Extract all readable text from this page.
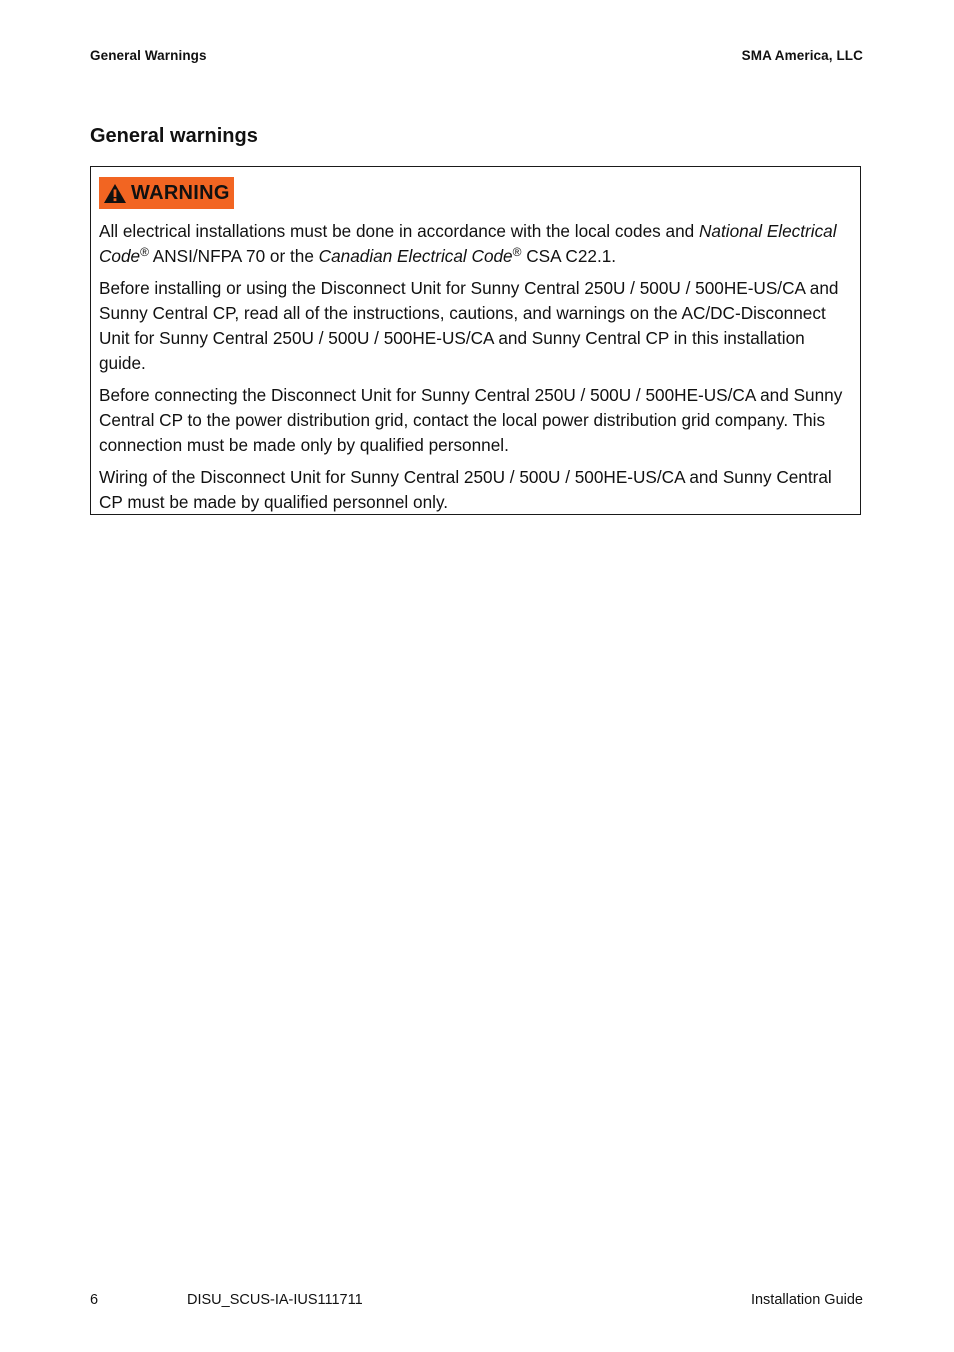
General Warnings	SMA America, LLC
General warnings
WARNING

All electrical installations must be done in accordance with the local codes and National Electrical Code® ANSI/NFPA 70 or the Canadian Electrical Code® CSA C22.1.

Before installing or using the Disconnect Unit for Sunny Central 250U / 500U / 500HE-US/CA and Sunny Central CP, read all of the instructions, cautions, and warnings on the AC/DC-Disconnect Unit for Sunny Central 250U / 500U / 500HE-US/CA and Sunny Central CP in this installation guide.

Before connecting the Disconnect Unit for Sunny Central 250U / 500U / 500HE-US/CA and Sunny Central CP to the power distribution grid, contact the local power distribution grid company. This connection must be made only by qualified personnel.

Wiring of the Disconnect Unit for Sunny Central 250U / 500U / 500HE-US/CA and Sunny Central CP must be made by qualified personnel only.

6	DISU_SCUS-IA-IUS111711	Installation Guide
